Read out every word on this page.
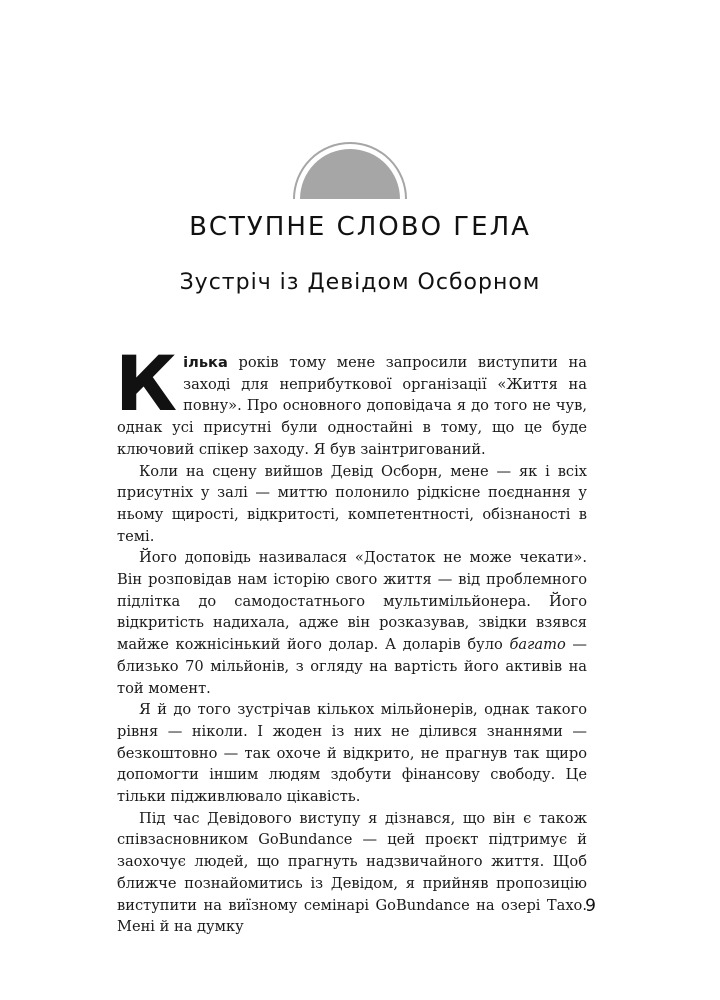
ВСТУПНЕ СЛОВО ГЕЛА
Зустріч із Девідом Осборном

Кілька років тому мене запросили виступити на заході для неприбуткової організації «Життя на повну». Про основного доповідача я до того не чув, однак усі присутні були одностайні в тому, що це буде ключовий спікер заходу. Я був заінтригований.

Коли на сцену вийшов Девід Осборн, мене — як і всіх присутніх у залі — миттю полонило рідкісне поєднання у ньому щирості, відкритості, компетентності, обізнаності в темі.

Його доповідь називалася «Достаток не може чекати». Він розповідав нам історію свого життя — від проблемного підлітка до самодостатнього мультимільйонера. Його відкритість надихала, адже він розказував, звідки взявся майже кожнісінький його долар. А доларів було багато — близько 70 мільйонів, з огляду на вартість його активів на той момент.

Я й до того зустрічав кількох мільйонерів, однак такого рівня — ніколи. І жоден із них не ділився знаннями — безкоштовно — так охоче й відкрито, не прагнув так щиро допомогти іншим людям здобути фінансову свободу. Це тільки підживлювало цікавість.

Під час Девідового виступу я дізнався, що він є також співзасновником GoBundance — цей проєкт підтримує й заохочує людей, що прагнуть надзвичайного життя. Щоб ближче познайомитись із Девідом, я прийняв пропозицію виступити на виїзному семінарі GoBundance на озері Тахо. Мені й на думку

9
